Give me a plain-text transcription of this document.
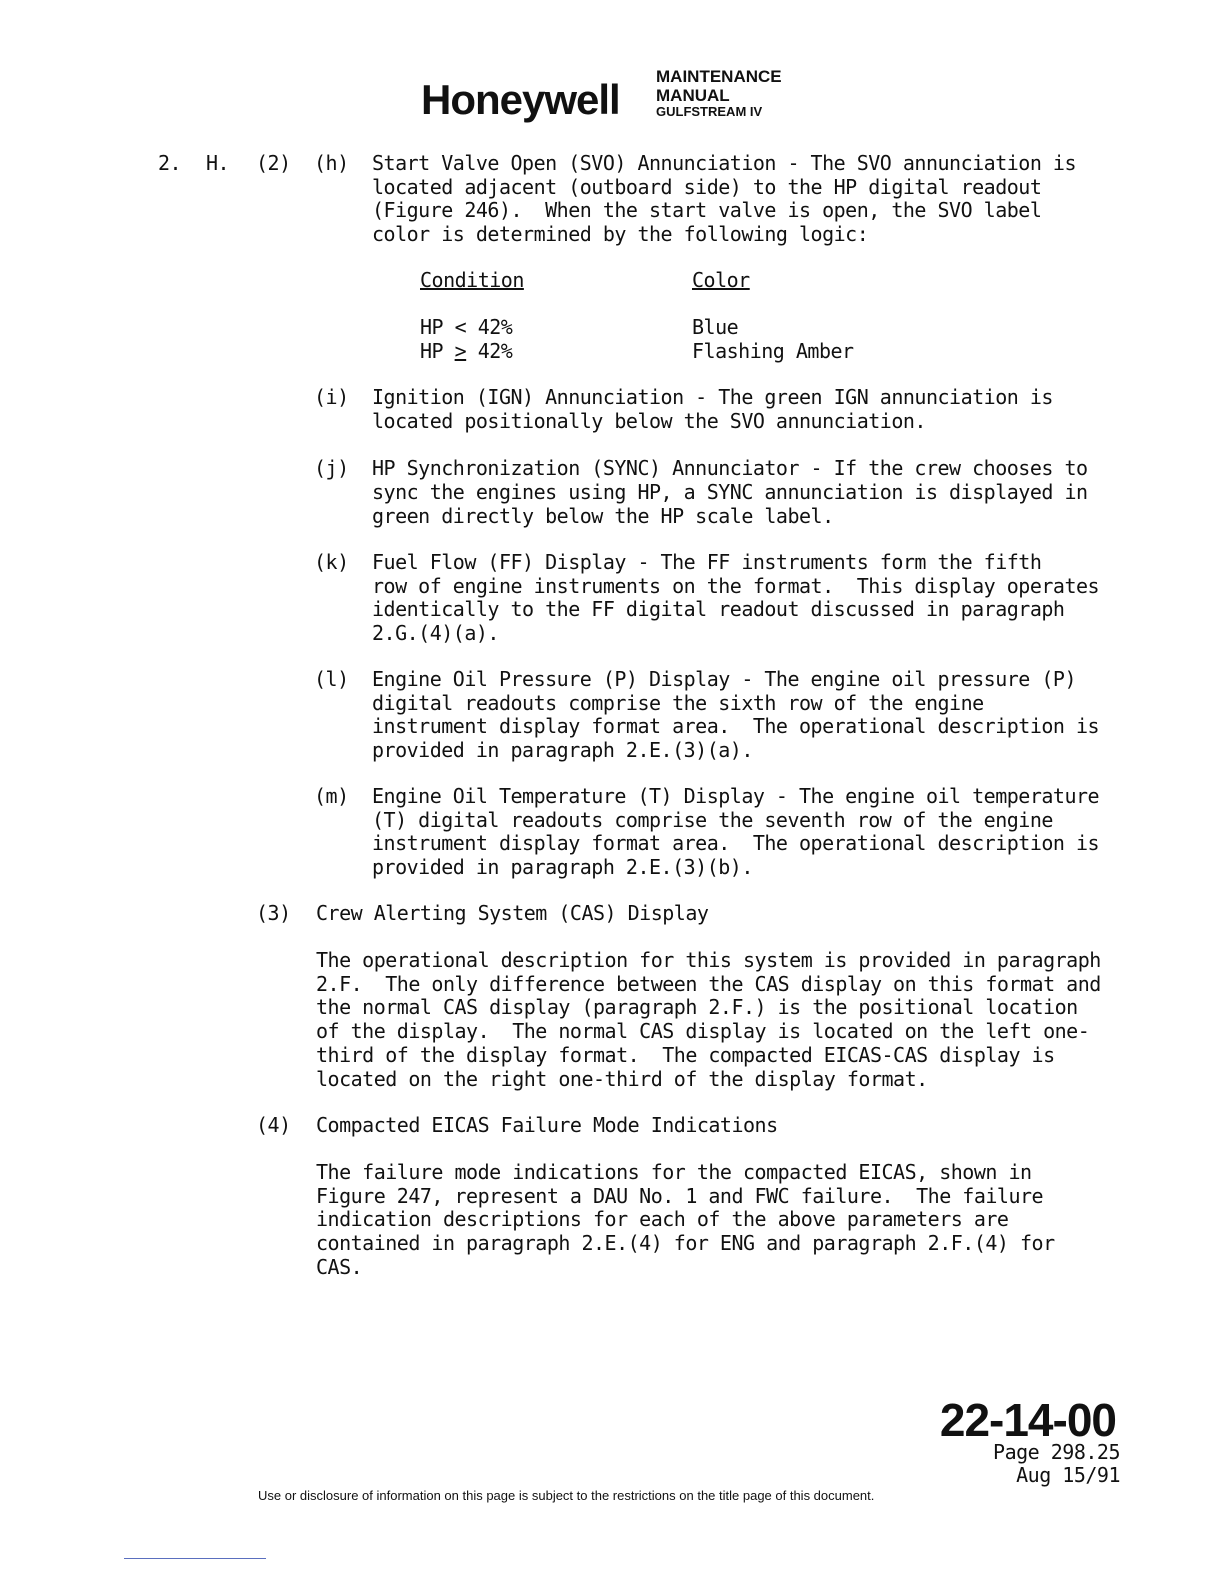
Honeywell MAINTENANCE
MANUAL
GULFSTREAM IV
2. H. (2) (h) Start Valve Open (SVO) Annunciation - The SVO annunciation is
located adjacent (outboard side) to the HP digital readout
(Figure 246).  When the start valve is open, the SVO label
color is determined by the following logic:
Condition	Color
HP < 42%	Blue
HP ≥ 42%	Flashing Amber
(i) Ignition (IGN) Annunciation - The green IGN annunciation is
located positionally below the SVO annunciation.
(j) HP Synchronization (SYNC) Annunciator - If the crew chooses to
sync the engines using HP, a SYNC annunciation is displayed in
green directly below the HP scale label.
(k) Fuel Flow (FF) Display - The FF instruments form the fifth
row of engine instruments on the format.  This display operates
identically to the FF digital readout discussed in paragraph
2.G.(4)(a).
(l) Engine Oil Pressure (P) Display - The engine oil pressure (P)
digital readouts comprise the sixth row of the engine
instrument display format area.  The operational description is
provided in paragraph 2.E.(3)(a).
(m) Engine Oil Temperature (T) Display - The engine oil temperature
(T) digital readouts comprise the seventh row of the engine
instrument display format area.  The operational description is
provided in paragraph 2.E.(3)(b).
(3) Crew Alerting System (CAS) Display
The operational description for this system is provided in paragraph
2.F.  The only difference between the CAS display on this format and
the normal CAS display (paragraph 2.F.) is the positional location
of the display.  The normal CAS display is located on the left one-
third of the display format.  The compacted EICAS-CAS display is
located on the right one-third of the display format.
(4) Compacted EICAS Failure Mode Indications
The failure mode indications for the compacted EICAS, shown in
Figure 247, represent a DAU No. 1 and FWC failure.  The failure
indication descriptions for each of the above parameters are
contained in paragraph 2.E.(4) for ENG and paragraph 2.F.(4) for
CAS.
22-14-00
Page 298.25
Aug 15/91
Use or disclosure of information on this page is subject to the restrictions on the title page of this document.
